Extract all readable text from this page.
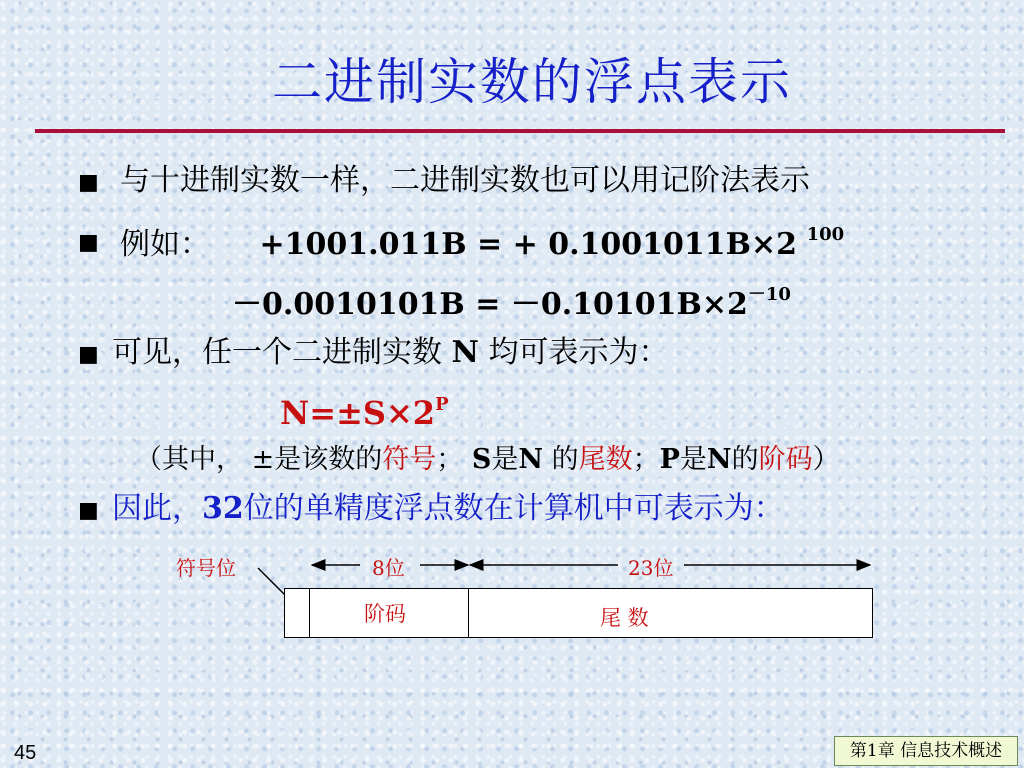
二进制实数的浮点表示
■ 与十进制实数一样，二进制实数也可以用记阶法表示
■ 例如： +1001.011B = + 0.1001011B×2 $^{100}$
$-0.0010101B = -0.10101B\times 2^{-10}$
■ 可见，任一个二进制实数 N 均可表示为：
$N=\pm S\times 2^P$
（其中， ±是该数的符号； S是N 的尾数；P是N的阶码）
■ 因此，32位的单精度浮点数在计算机中可表示为：
符号位	8位	23位
阶码	尾 数
45	第1章 信息技术概述
